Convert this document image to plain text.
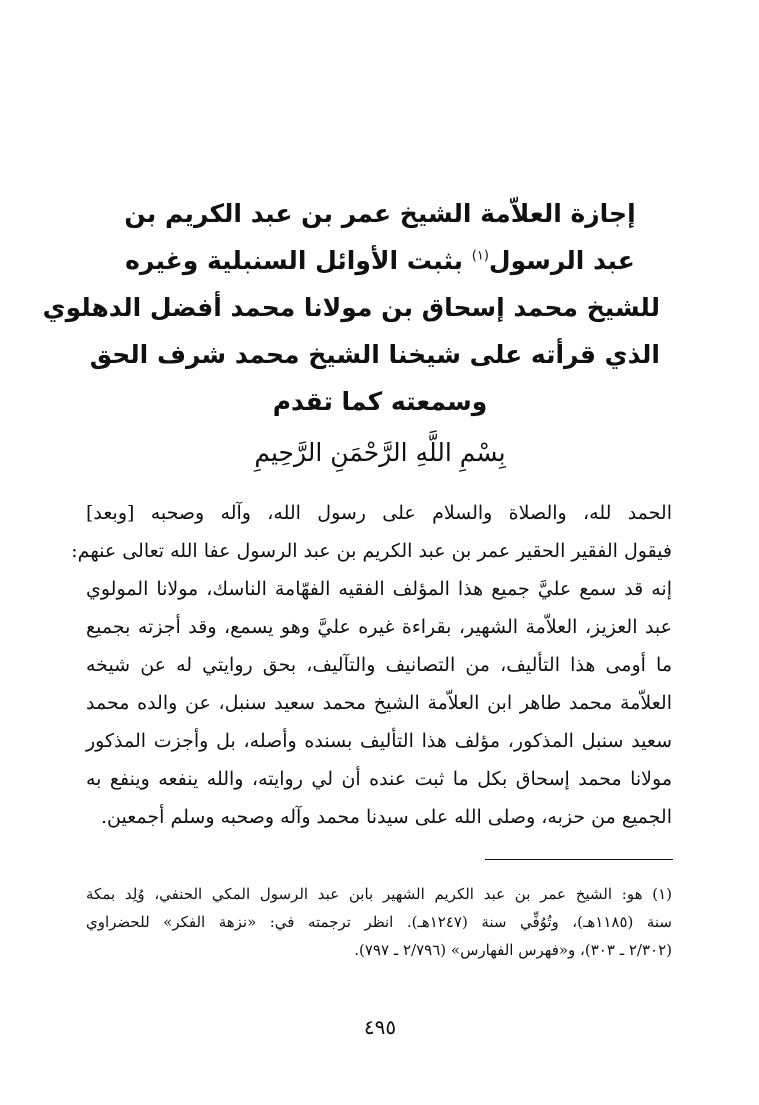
إجازة العلاّمة الشيخ عمر بن عبد الكريم بن
عبد الرسول$^{(١)}$ بثبت الأوائل السنبلية وغيره
للشيخ محمد إسحاق بن مولانا محمد أفضل الدهلوي
الذي قرأته على شيخنا الشيخ محمد شرف الحق
وسمعته كما تقدم
بِسْمِ اللَّهِ الرَّحْمَنِ الرَّحِيمِ
الحمد لله، والصلاة والسلام على رسول الله، وآله وصحبه [وبعد]
فيقول الفقير الحقير عمر بن عبد الكريم بن عبد الرسول عفا الله تعالى عنهم:
إنه قد سمع عليَّ جميع هذا المؤلف الفقيه الفهّامة الناسك، مولانا المولوي
عبد العزيز، العلاّمة الشهير، بقراءة غيره عليَّ وهو يسمع، وقد أجزته بجميع
ما أومى هذا التأليف، من التصانيف والتآليف، بحق روايتي له عن شيخه
العلاّمة محمد طاهر ابن العلاّمة الشيخ محمد سعيد سنبل، عن والده محمد
سعيد سنبل المذكور، مؤلف هذا التأليف بسنده وأصله، بل وأجزت المذكور
مولانا محمد إسحاق بكل ما ثبت عنده أن لي روايته، والله ينفعه وينفع به
الجميع من حزبه، وصلى الله على سيدنا محمد وآله وصحبه وسلم أجمعين.
(١) هو: الشيخ عمر بن عبد الكريم الشهير بابن عبد الرسول المكي الحنفي، وُلِد بمكة
سنة (١١٨٥هـ)، وتُوُفِّي سنة (١٢٤٧هـ). انظر ترجمته في: «نزهة الفكر» للحضراوي
(٢/٣٠٢ ـ ٣٠٣)، و«فهرس الفهارس» (٢/٧٩٦ ـ ٧٩٧).
٤٩٥
